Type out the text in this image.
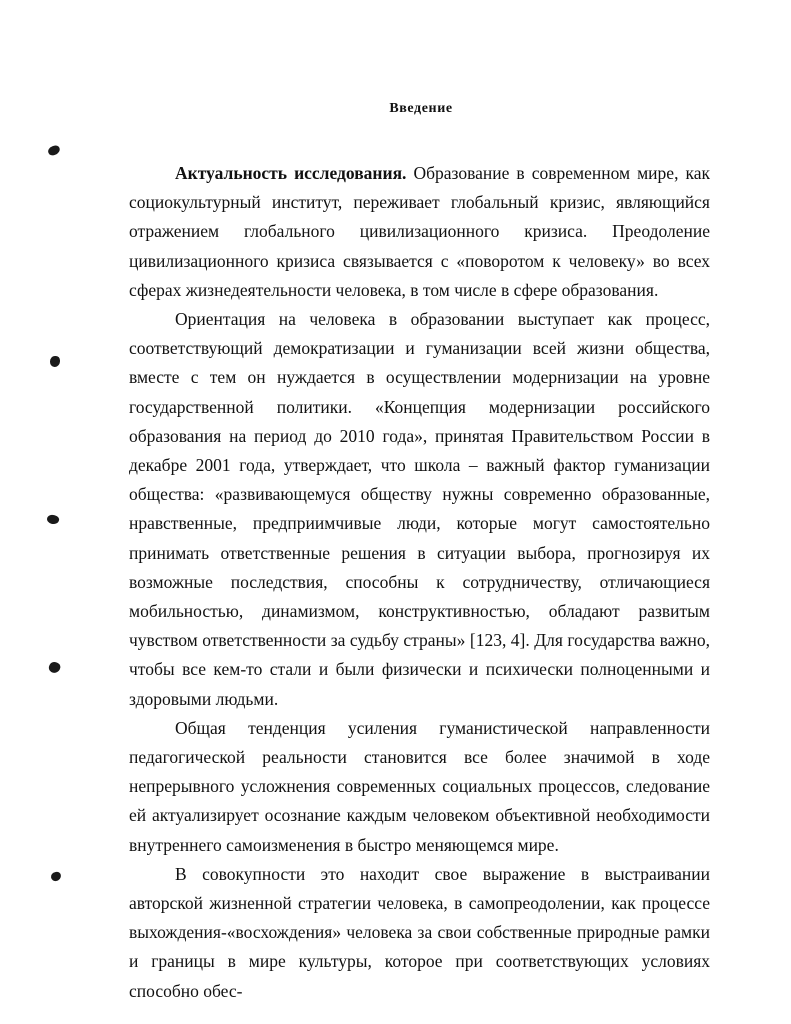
Введение

Актуальность исследования. Образование в современном мире, как социокультурный институт, переживает глобальный кризис, являющийся отражением глобального цивилизационного кризиса. Преодоление цивилизационного кризиса связывается с «поворотом к человеку» во всех сферах жизнедеятельности человека, в том числе в сфере образования.

Ориентация на человека в образовании выступает как процесс, соответствующий демократизации и гуманизации всей жизни общества, вместе с тем он нуждается в осуществлении модернизации на уровне государственной политики. «Концепция модернизации российского образования на период до 2010 года», принятая Правительством России в декабре 2001 года, утверждает, что школа – важный фактор гуманизации общества: «развивающемуся обществу нужны современно образованные, нравственные, предприимчивые люди, которые могут самостоятельно принимать ответственные решения в ситуации выбора, прогнозируя их возможные последствия, способны к сотрудничеству, отличающиеся мобильностью, динамизмом, конструктивностью, обладают развитым чувством ответственности за судьбу страны» [123, 4]. Для государства важно, чтобы все кем-то стали и были физически и психически полноценными и здоровыми людьми.

Общая тенденция усиления гуманистической направленности педагогической реальности становится все более значимой в ходе непрерывного усложнения современных социальных процессов, следование ей актуализирует осознание каждым человеком объективной необходимости внутреннего самоизменения в быстро меняющемся мире.

В совокупности это находит свое выражение в выстраивании авторской жизненной стратегии человека, в самопреодолении, как процессе выхождения-«восхождения» человека за свои собственные природные рамки и границы в мире культуры, которое при соответствующих условиях способно обес-
